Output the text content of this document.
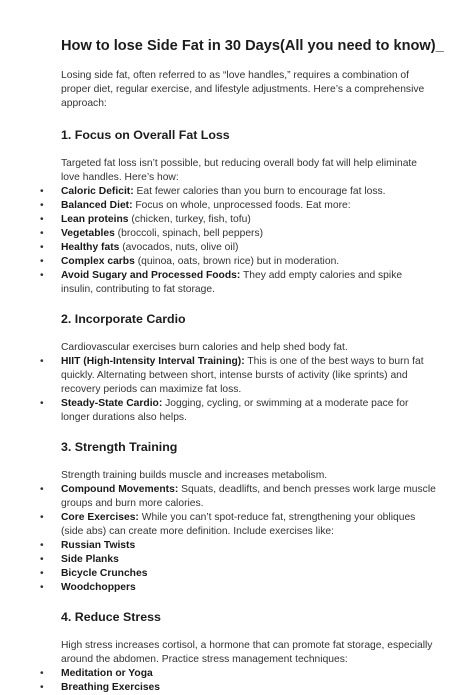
How to lose Side Fat in 30 Days(All you need to know)_

Losing side fat, often referred to as “love handles,” requires a combination of proper diet, regular exercise, and lifestyle adjustments. Here’s a comprehensive approach:

1. Focus on Overall Fat Loss

Targeted fat loss isn’t possible, but reducing overall body fat will help eliminate love handles. Here’s how:

•	Caloric Deficit: Eat fewer calories than you burn to encourage fat loss.
•	Balanced Diet: Focus on whole, unprocessed foods. Eat more:
•	Lean proteins (chicken, turkey, fish, tofu)
•	Vegetables (broccoli, spinach, bell peppers)
•	Healthy fats (avocados, nuts, olive oil)
•	Complex carbs (quinoa, oats, brown rice) but in moderation.
•	Avoid Sugary and Processed Foods: They add empty calories and spike insulin, contributing to fat storage.
2. Incorporate Cardio

Cardiovascular exercises burn calories and help shed body fat.

•	HIIT (High-Intensity Interval Training): This is one of the best ways to burn fat quickly. Alternating between short, intense bursts of activity (like sprints) and recovery periods can maximize fat loss.
•	Steady-State Cardio: Jogging, cycling, or swimming at a moderate pace for longer durations also helps.
3. Strength Training

Strength training builds muscle and increases metabolism.

•	Compound Movements: Squats, deadlifts, and bench presses work large muscle groups and burn more calories.
•	Core Exercises: While you can’t spot-reduce fat, strengthening your obliques (side abs) can create more definition. Include exercises like:
•	Russian Twists
•	Side Planks
•	Bicycle Crunches
•	Woodchoppers
4. Reduce Stress

High stress increases cortisol, a hormone that can promote fat storage, especially around the abdomen. Practice stress management techniques:

•	Meditation or Yoga
•	Breathing Exercises
